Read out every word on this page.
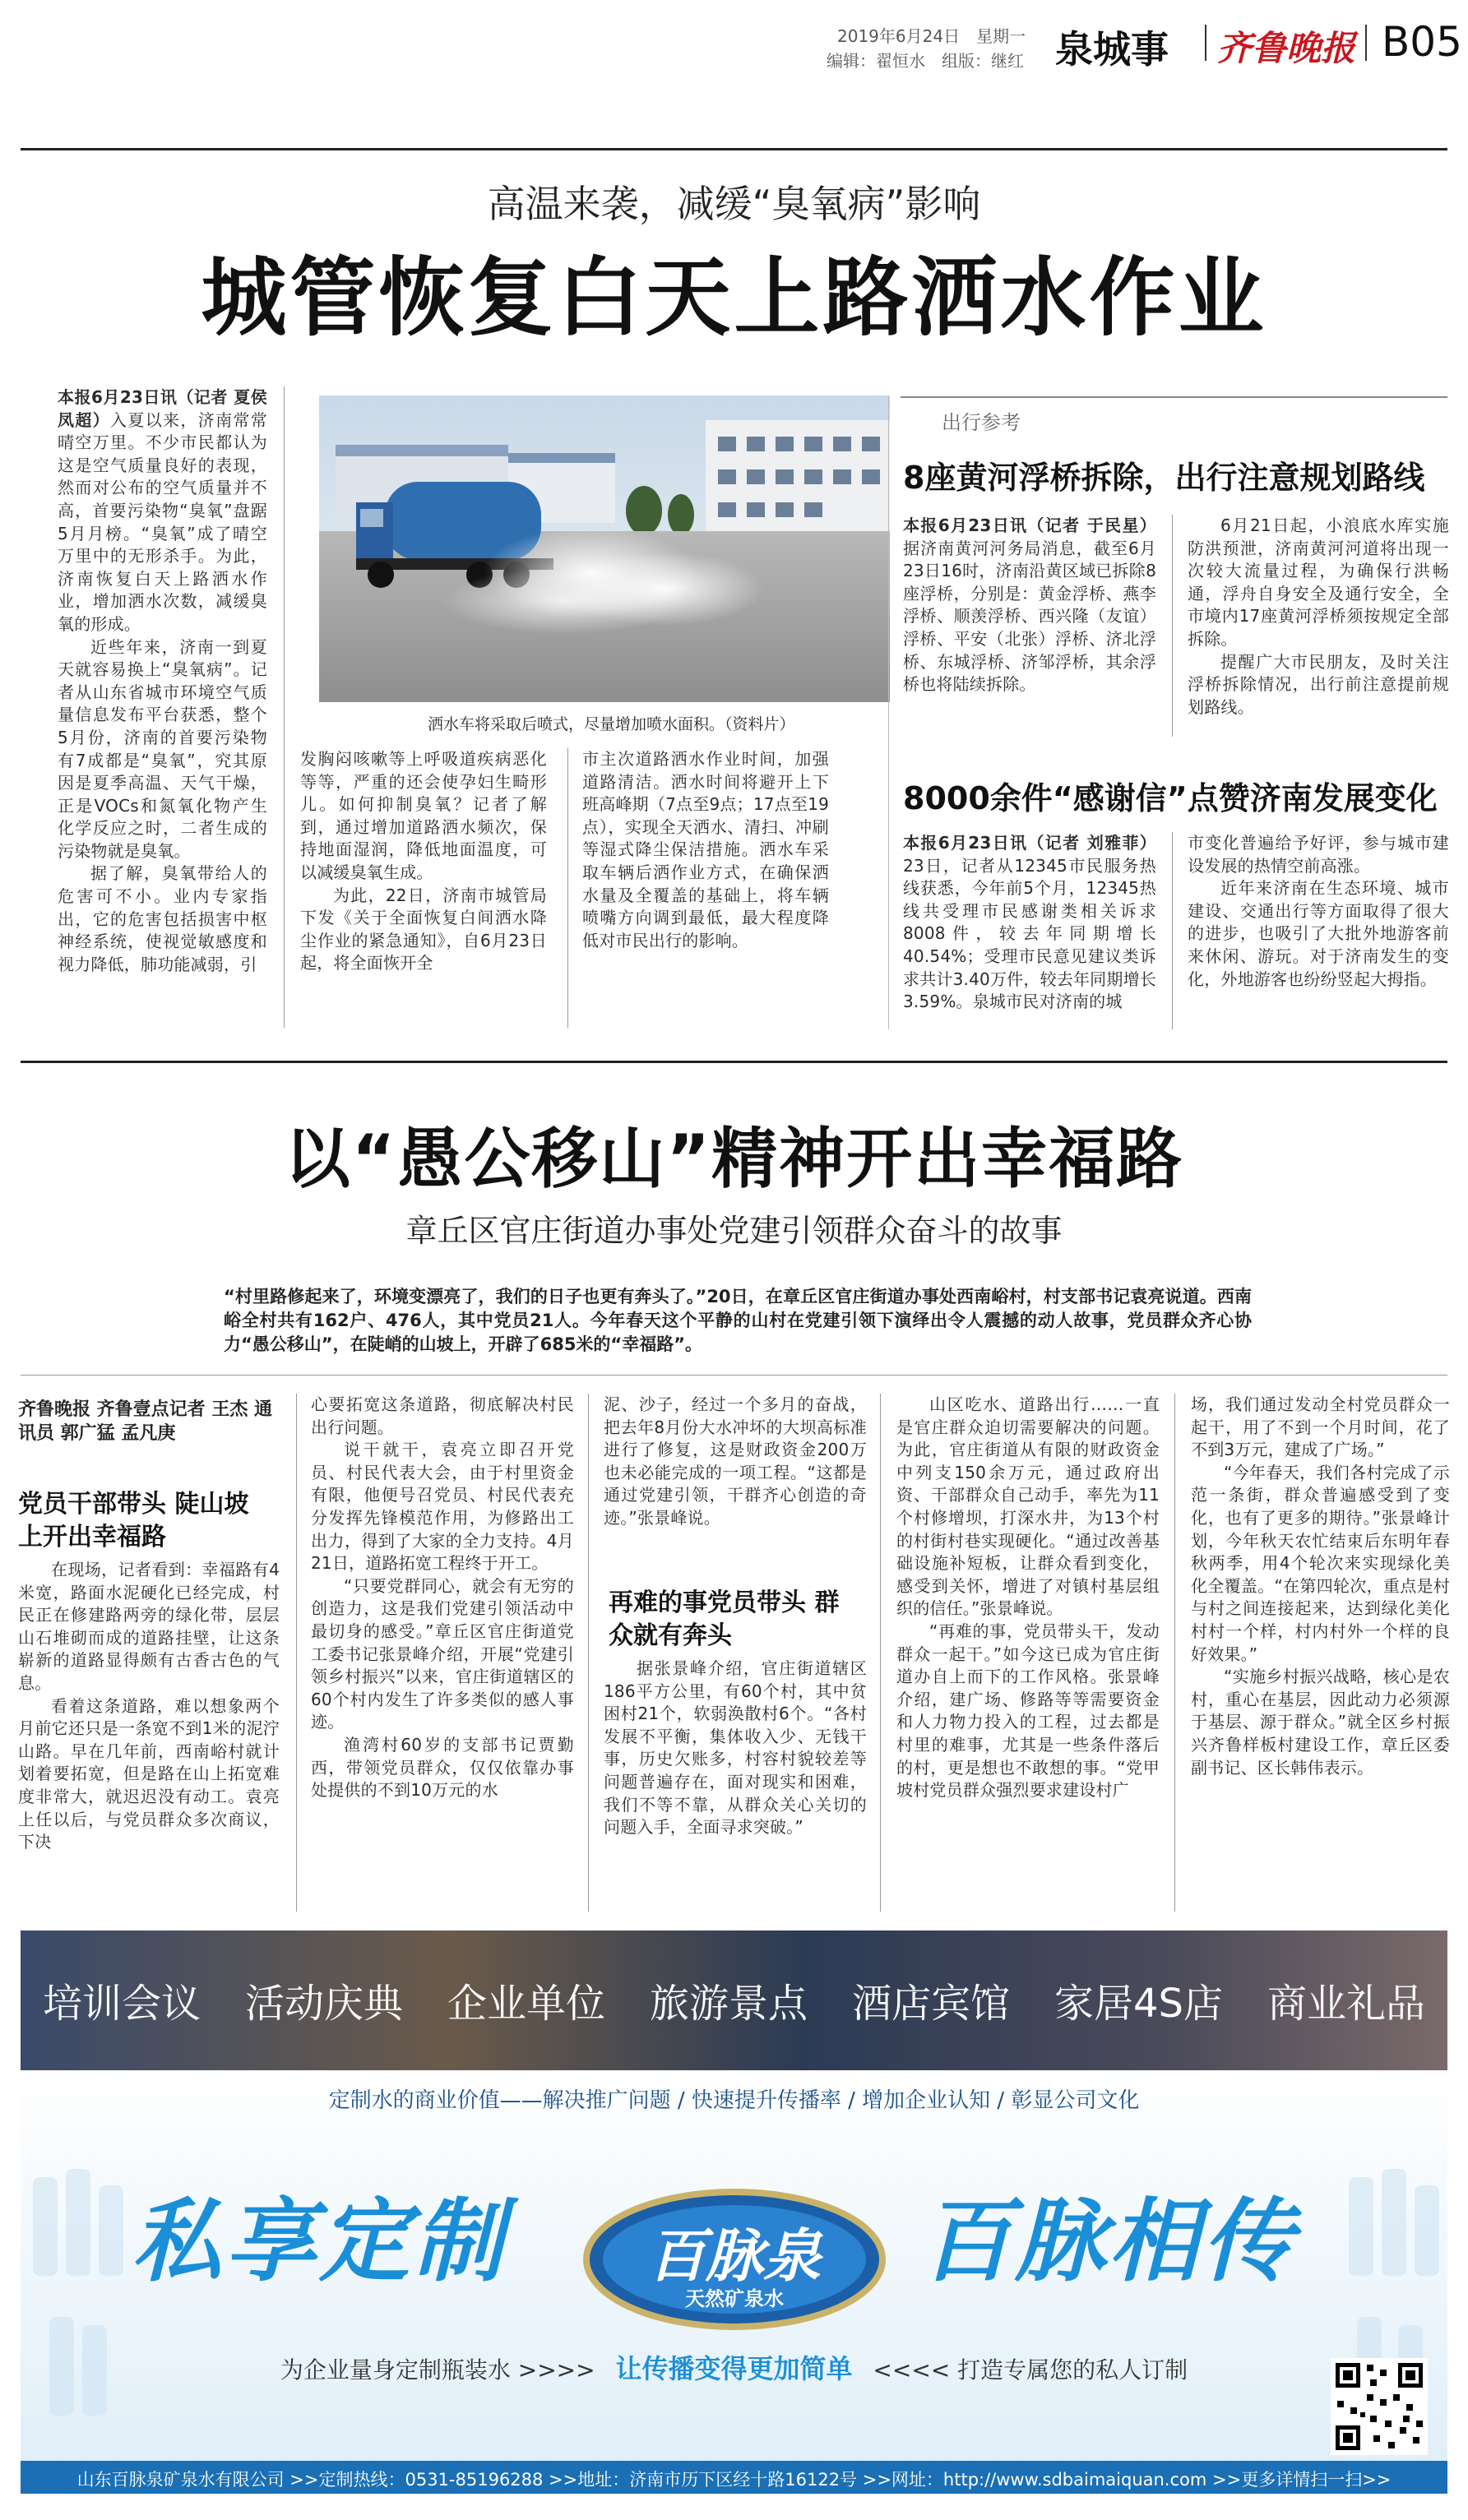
2019年6月24日　星期一
编辑：翟恒水　组版：继红 泉城事 齐鲁晚报 B05
高温来袭，减缓“臭氧病”影响
城管恢复白天上路洒水作业
洒水车将采取后喷式，尽量增加喷水面积。（资料片）

本报6月23日讯（记者 夏侯凤超）入夏以来，济南常常晴空万里。不少市民都认为这是空气质量良好的表现，然而对公布的空气质量并不高，首要污染物“臭氧”盘踞5月月榜。“臭氧”成了晴空万里中的无形杀手。为此，济南恢复白天上路洒水作业，增加洒水次数，减缓臭氧的形成。

近些年来，济南一到夏天就容易换上“臭氧病”。记者从山东省城市环境空气质量信息发布平台获悉，整个5月份，济南的首要污染物有7成都是“臭氧”，究其原因是夏季高温、天气干燥，正是VOCs和氮氧化物产生化学反应之时，二者生成的污染物就是臭氧。

据了解，臭氧带给人的危害可不小。业内专家指出，它的危害包括损害中枢神经系统，使视觉敏感度和视力降低，肺功能减弱，引

发胸闷咳嗽等上呼吸道疾病恶化等等，严重的还会使孕妇生畸形儿。如何抑制臭氧？记者了解到，通过增加道路洒水频次，保持地面湿润，降低地面温度，可以减缓臭氧生成。

为此，22日，济南市城管局下发《关于全面恢复白间洒水降尘作业的紧急通知》，自6月23日起，将全面恢开全

市主次道路洒水作业时间，加强道路清洁。洒水时间将避开上下班高峰期（7点至9点；17点至19点），实现全天洒水、清扫、冲刷等湿式降尘保洁措施。洒水车采取车辆后洒作业方式，在确保洒水量及全覆盖的基础上，将车辆喷嘴方向调到最低，最大程度降低对市民出行的影响。

出行参考
8座黄河浮桥拆除，出行注意规划路线

本报6月23日讯（记者 于民星）据济南黄河河务局消息，截至6月23日16时，济南沿黄区域已拆除8座浮桥，分别是：黄金浮桥、燕李浮桥、顺羡浮桥、西兴隆（友谊）浮桥、平安（北张）浮桥、济北浮桥、东城浮桥、济邹浮桥，其余浮桥也将陆续拆除。

6月21日起，小浪底水库实施防洪预泄，济南黄河河道将出现一次较大流量过程，为确保行洪畅通，浮舟自身安全及通行安全，全市境内17座黄河浮桥须按规定全部拆除。

提醒广大市民朋友，及时关注浮桥拆除情况，出行前注意提前规划路线。

8000余件“感谢信”点赞济南发展变化

本报6月23日讯（记者 刘雅菲）23日，记者从12345市民服务热线获悉，今年前5个月，12345热线共受理市民感谢类相关诉求8008件，较去年同期增长40.54%；受理市民意见建议类诉求共计3.40万件，较去年同期增长3.59%。泉城市民对济南的城

市变化普遍给予好评，参与城市建设发展的热情空前高涨。

近年来济南在生态环境、城市建设、交通出行等方面取得了很大的进步，也吸引了大批外地游客前来休闲、游玩。对于济南发生的变化，外地游客也纷纷竖起大拇指。

以“愚公移山”精神开出幸福路
章丘区官庄街道办事处党建引领群众奋斗的故事
“村里路修起来了，环境变漂亮了，我们的日子也更有奔头了。”20日，在章丘区官庄街道办事处西南峪村，村支部书记袁亮说道。西南峪全村共有162户、476人，其中党员21人。今年春天这个平静的山村在党建引领下演绎出令人震撼的动人故事，党员群众齐心协力“愚公移山”，在陡峭的山坡上，开辟了685米的“幸福路”。
齐鲁晚报 齐鲁壹点记者 王杰 通讯员 郭广猛 孟凡庚
党员干部带头 陡山坡上开出幸福路

在现场，记者看到：幸福路有4米宽，路面水泥硬化已经完成，村民正在修建路两旁的绿化带，层层山石堆砌而成的道路挂壁，让这条崭新的道路显得颇有古香古色的气息。

看着这条道路，难以想象两个月前它还只是一条宽不到1米的泥泞山路。早在几年前，西南峪村就计划着要拓宽，但是路在山上拓宽难度非常大，就迟迟没有动工。袁亮上任以后，与党员群众多次商议，下决

心要拓宽这条道路，彻底解决村民出行问题。

说干就干，袁亮立即召开党员、村民代表大会，由于村里资金有限，他便号召党员、村民代表充分发挥先锋模范作用，为修路出工出力，得到了大家的全力支持。4月21日，道路拓宽工程终于开工。

“只要党群同心，就会有无穷的创造力，这是我们党建引领活动中最切身的感受。”章丘区官庄街道党工委书记张景峰介绍，开展“党建引领乡村振兴”以来，官庄街道辖区的60个村内发生了许多类似的感人事迹。

渔湾村60岁的支部书记贾勤西，带领党员群众，仅仅依靠办事处提供的不到10万元的水

泥、沙子，经过一个多月的奋战，把去年8月份大水冲坏的大坝高标准进行了修复，这是财政资金200万也未必能完成的一项工程。“这都是通过党建引领，干群齐心创造的奇迹。”张景峰说。

再难的事党员带头 群众就有奔头

据张景峰介绍，官庄街道辖区186平方公里，有60个村，其中贫困村21个，软弱涣散村6个。“各村发展不平衡，集体收入少、无钱干事，历史欠账多，村容村貌较差等问题普遍存在，面对现实和困难，我们不等不靠，从群众关心关切的问题入手，全面寻求突破。”

山区吃水、道路出行……一直是官庄群众迫切需要解决的问题。为此，官庄街道从有限的财政资金中列支150余万元，通过政府出资、干部群众自己动手，率先为11个村修增坝，打深水井，为13个村的村街村巷实现硬化。“通过改善基础设施补短板，让群众看到变化，感受到关怀，增进了对镇村基层组织的信任。”张景峰说。

“再难的事，党员带头干，发动群众一起干。”如今这已成为官庄街道办自上而下的工作风格。张景峰介绍，建广场、修路等等需要资金和人力物力投入的工程，过去都是村里的难事，尤其是一些条件落后的村，更是想也不敢想的事。“党甲坡村党员群众强烈要求建设村广

场，我们通过发动全村党员群众一起干，用了不到一个月时间，花了不到3万元，建成了广场。”

“今年春天，我们各村完成了示范一条街，群众普遍感受到了变化，也有了更多的期待。”张景峰计划，今年秋天农忙结束后东明年春秋两季，用4个轮次来实现绿化美化全覆盖。“在第四轮次，重点是村与村之间连接起来，达到绿化美化村村一个样，村内村外一个样的良好效果。”

“实施乡村振兴战略，核心是农村，重心在基层，因此动力必须源于基层、源于群众。”就全区乡村振兴齐鲁样板村建设工作，章丘区委副书记、区长韩伟表示。

培训会议 活动庆典 企业单位 旅游景点 酒店宾馆 家居4S店 商业礼品
定制水的商业价值——解决推广问题 / 快速提升传播率 / 增加企业认知 / 彰显公司文化
私享定制	百脉泉
天然矿泉水
百脉相传
为企业量身定制瓶装水 >>>> 让传播变得更加简单 <<<< 打造专属您的私人订制
山东百脉泉矿泉水有限公司 >>定制热线：0531-85196288 >>地址：济南市历下区经十路16122号 >>网址：http://www.sdbaimaiquan.com >>更多详情扫一扫>>
